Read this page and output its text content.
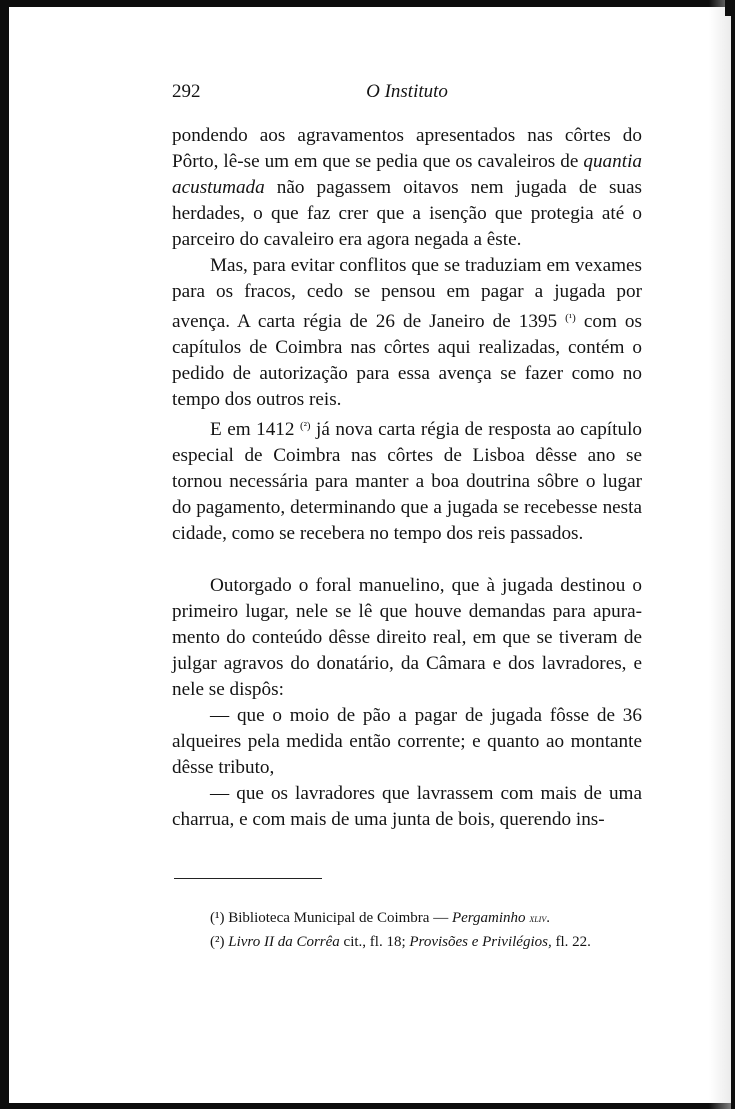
292	O Instituto

pondendo aos agravamentos apresentados nas côrtes do Pôrto, lê-se um em que se pedia que os cavaleiros de quantia acustumada não pagassem oitavos nem jugada de suas herdades, o que faz crer que a isenção que protegia até o parceiro do cavaleiro era agora negada a êste.

Mas, para evitar conflitos que se traduziam em vexames para os fracos, cedo se pensou em pagar a jugada por avença. A carta régia de 26 de Janeiro de 1395 $^{(^1)}$ com os capítulos de Coimbra nas côrtes aqui realizadas, contém o pedido de autorização para essa avença se fazer como no tempo dos outros reis.

E em 1412 $^{(^2)}$ já nova carta régia de resposta ao capítulo especial de Coimbra nas côrtes de Lisboa dêsse ano se tornou necessária para manter a boa doutrina sôbre o lugar do pagamento, determinando que a jugada se recebesse nesta cidade, como se recebera no tempo dos reis passados.

Outorgado o foral manuelino, que à jugada destinou o primeiro lugar, nele se lê que houve demandas para apuramento do conteúdo dêsse direito real, em que se tiveram de julgar agravos do donatário, da Câmara e dos lavradores, e nele se dispôs:

— que o moio de pão a pagar de jugada fôsse de 36 alqueires pela medida então corrente; e quanto ao montante dêsse tributo,

— que os lavradores que lavrassem com mais de uma charrua, e com mais de uma junta de bois, querendo ins-

(¹) Biblioteca Municipal de Coimbra — Pergaminho xliv.
(²) Livro II da Corrêa cit., fl. 18; Provisões e Privilégios, fl. 22.
